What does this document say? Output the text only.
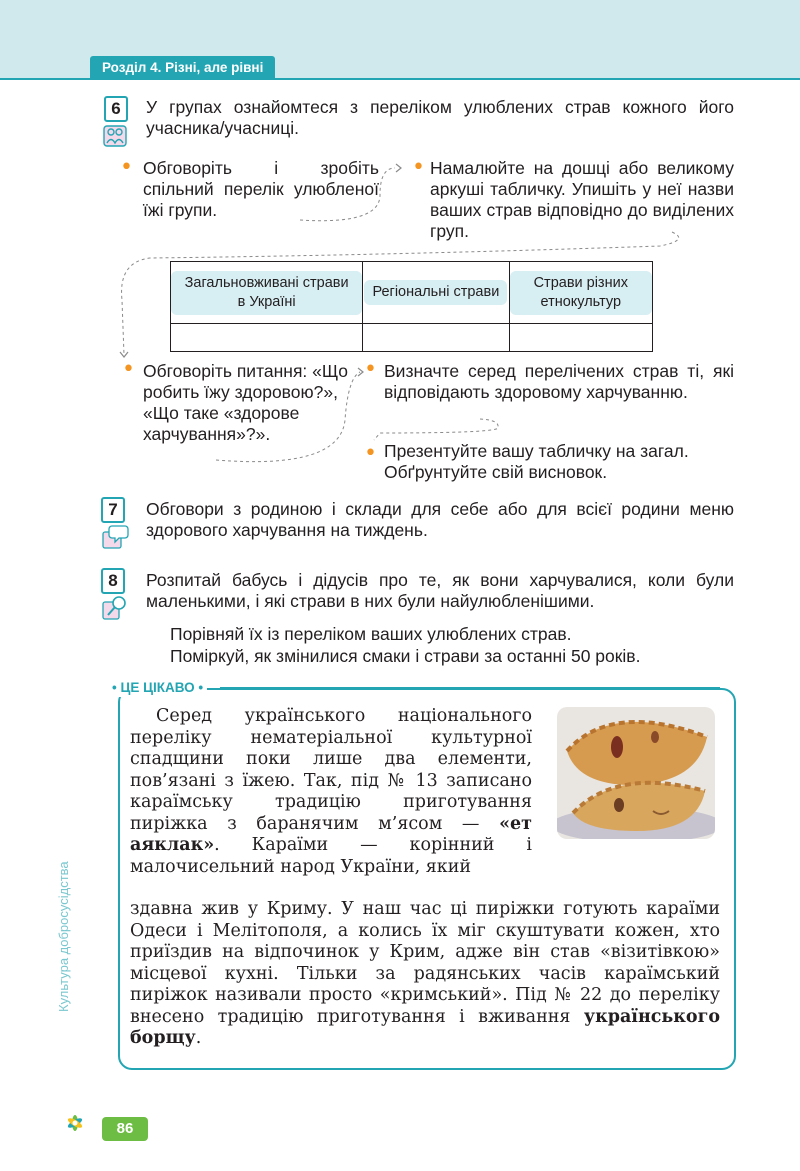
Розділ 4. Різні, але рівні
6	У групах ознайомтеся з переліком улюблених страв кожного його учасника/учасниці.
• Обговоріть і зробіть спільний перелік улюбленої їжі групи.
• Намалюйте на дошці або великому аркуші табличку. Упишіть у неї назви ваших страв відповідно до виділених груп.
Загальновживані страви в Україні	Регіональні страви	Страви різних етнокультур

• Обговоріть питання: «Що робить їжу здоровою?», «Що таке «здорове харчування»?».
• Визначте серед перелічених страв ті, які відповідають здоровому харчуванню.
• Презентуйте вашу табличку на загал. Обґрунтуйте свій висновок.
7	Обговори з родиною і склади для себе або для всієї родини меню здорового харчування на тиждень.
8	Розпитай бабусь і дідусів про те, як вони харчувалися, коли були маленькими, і які страви в них були найулюбленішими.
Порівняй їх із переліком ваших улюблених страв.
Поміркуй, як змінилися смаки і страви за останні 50 років.
• ЦЕ ЦІКАВО •
Серед українського національного переліку нематеріальної культурної спадщини поки лише два елементи, пов’язані з їжею. Так, під № 13 записано караїмську традицію приготування пиріжка з баранячим м’ясом — «ет аяклак». Караїми — корінний і малочисельний народ України, який
здавна жив у Криму. У наш час ці пиріжки готують караїми Одеси і Мелітополя, а колись їх міг скуштувати кожен, хто приїздив на відпочинок у Крим, адже він став «візитівкою» місцевої кухні. Тільки за радянських часів караїмський пиріжок називали просто «кримський». Під № 22 до переліку внесено традицію приготування і вживання українського борщу.
Культура добросусідства
86
